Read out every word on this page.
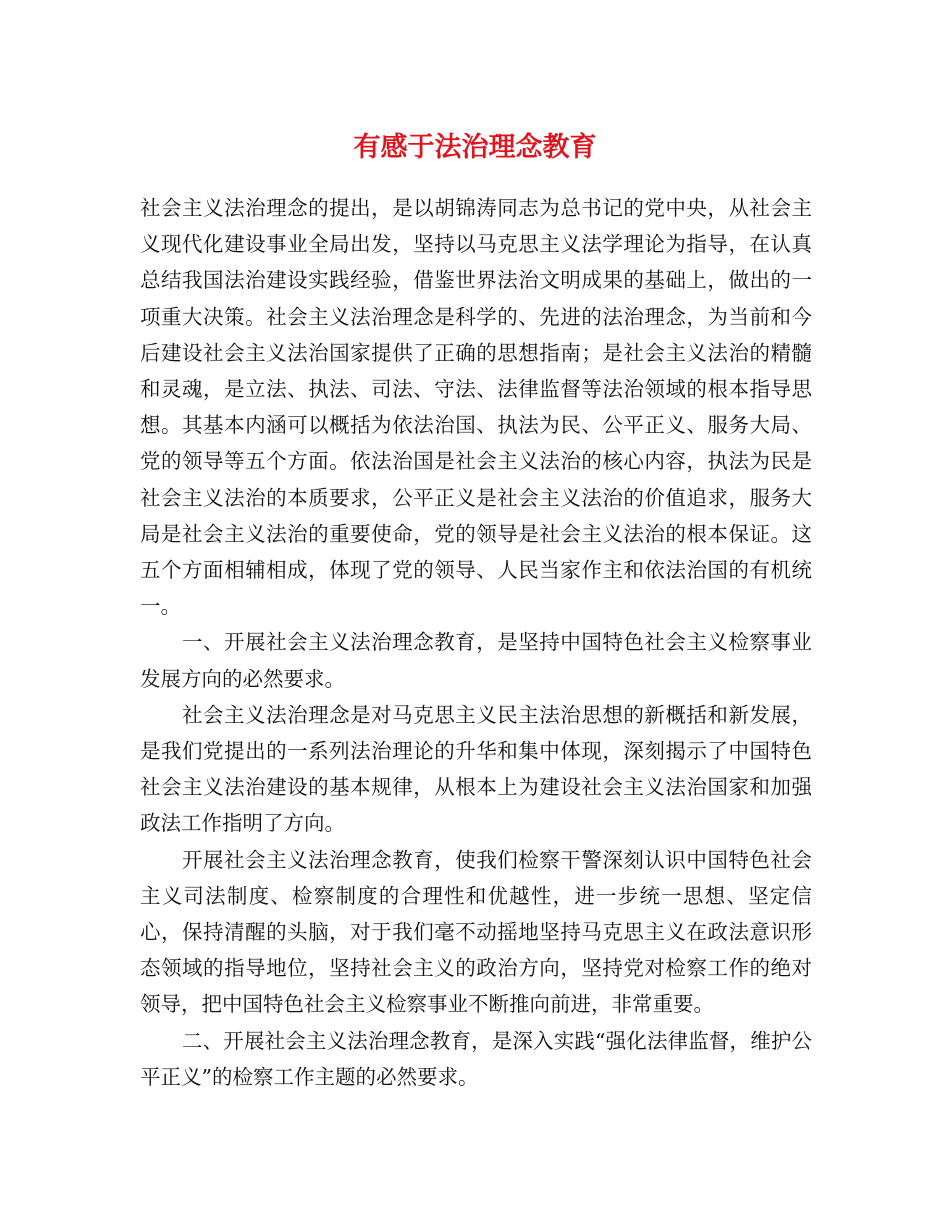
有感于法治理念教育

社会主义法治理念的提出，是以胡锦涛同志为总书记的党中央，从社会主义现代化建设事业全局出发，坚持以马克思主义法学理论为指导，在认真总结我国法治建设实践经验，借鉴世界法治文明成果的基础上，做出的一项重大决策。社会主义法治理念是科学的、先进的法治理念，为当前和今后建设社会主义法治国家提供了正确的思想指南；是社会主义法治的精髓和灵魂，是立法、执法、司法、守法、法律监督等法治领域的根本指导思想。其基本内涵可以概括为依法治国、执法为民、公平正义、服务大局、党的领导等五个方面。依法治国是社会主义法治的核心内容，执法为民是社会主义法治的本质要求，公平正义是社会主义法治的价值追求，服务大局是社会主义法治的重要使命，党的领导是社会主义法治的根本保证。这五个方面相辅相成，体现了党的领导、人民当家作主和依法治国的有机统一。

一、开展社会主义法治理念教育，是坚持中国特色社会主义检察事业发展方向的必然要求。

社会主义法治理念是对马克思主义民主法治思想的新概括和新发展，是我们党提出的一系列法治理论的升华和集中体现，深刻揭示了中国特色社会主义法治建设的基本规律，从根本上为建设社会主义法治国家和加强政法工作指明了方向。

开展社会主义法治理念教育，使我们检察干警深刻认识中国特色社会主义司法制度、检察制度的合理性和优越性，进一步统一思想、坚定信心，保持清醒的头脑，对于我们毫不动摇地坚持马克思主义在政法意识形态领域的指导地位，坚持社会主义的政治方向，坚持党对检察工作的绝对领导，把中国特色社会主义检察事业不断推向前进，非常重要。

二、开展社会主义法治理念教育，是深入实践“强化法律监督，维护公平正义”的检察工作主题的必然要求。
